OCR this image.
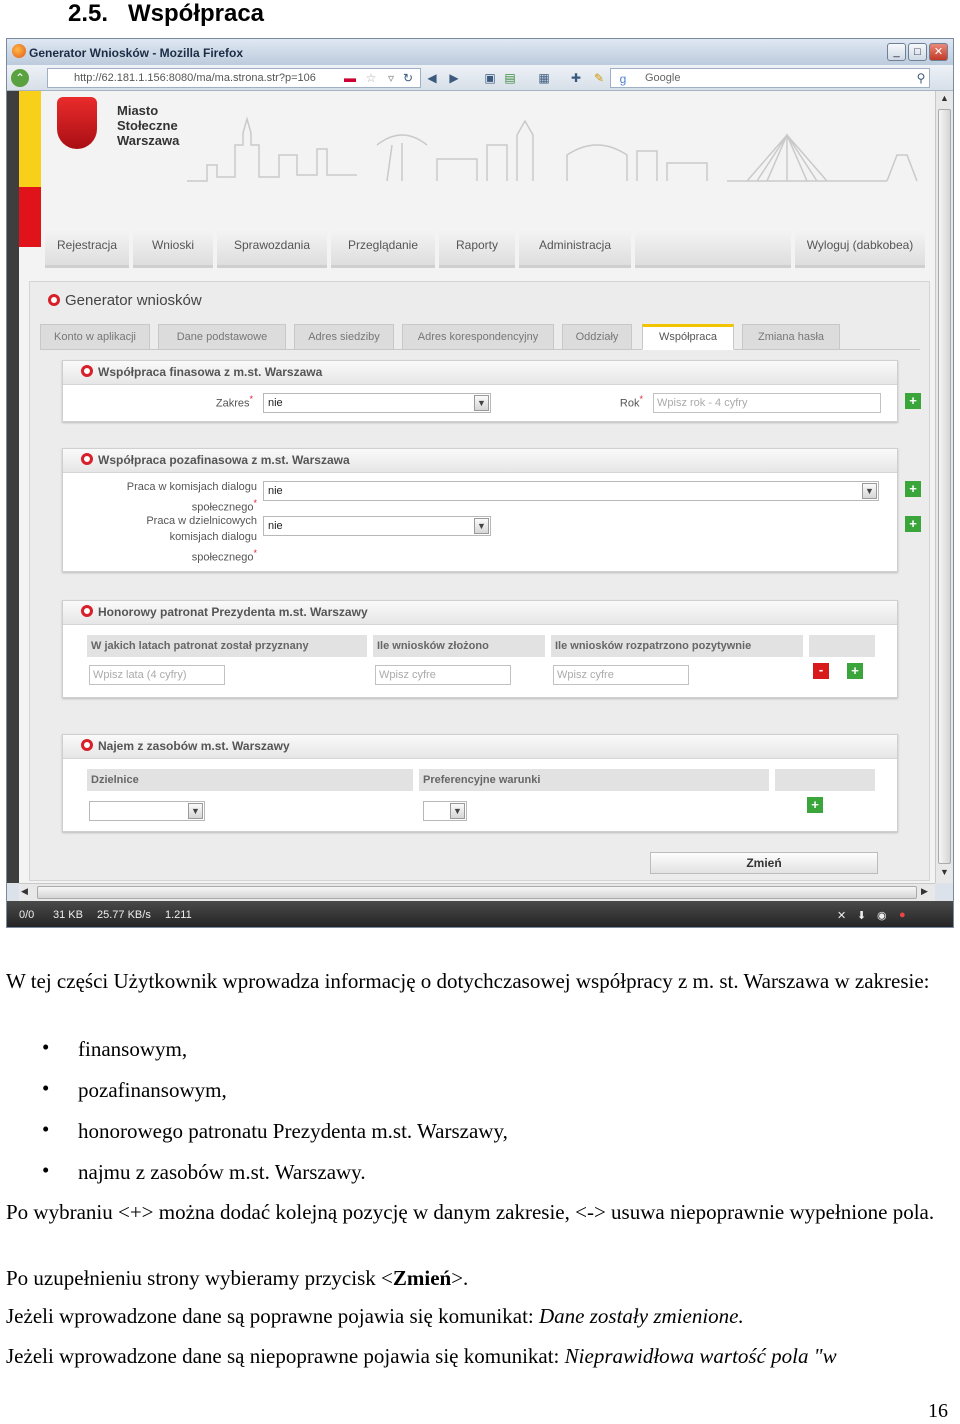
2.5. Współpraca
Generator Wniosków - Mozilla Firefox	_	□	✕
⌃	http://62.181.1.156:8080/ma/ma.strona.str?p=106	▬ ☆ ▿ ↻	◀	▶	▣ ▤ ▦	✚	✎	Google
g	⚲
Miasto
Stołeczne
Warszawa
Rejestracja	Wnioski	Sprawozdania	Przeglądanie	Raporty	Administracja	Wyloguj (dabkobea)
Generator wniosków
Konto w aplikacji	Dane podstawowe	Adres siedziby	Adres korespondencyjny	Oddziały	Współpraca	Zmiana hasła
Współpraca finasowa z m.st. Warszawa
Zakres*	nie	▼	Rok*	Wpisz rok - 4 cyfry	+
Współpraca pozafinasowa z m.st. Warszawa
Praca w komisjach dialogu
społecznego*
nie	▼	+
Praca w dzielnicowych
komisjach dialogu
społecznego*
nie	▼	+
Honorowy patronat Prezydenta m.st. Warszawy
W jakich latach patronat został przyznany	Ile wniosków złożono	Ile wniosków rozpatrzono pozytywnie
Wpisz lata (4 cyfry)	Wpisz cyfre	Wpisz cyfre	-	+
Najem z zasobów m.st. Warszawy
Dzielnice	Preferencyjne warunki
▼	▼	+
Zmień
▲
▼
◀	▶
0/0 31 KB 25.77 KB/s 1.211	✕ ⬇ ◉ ●
W tej części Użytkownik wprowadza informację o dotychczasowej współpracy z m. st. Warszawa w zakresie:
• finansowym,
• pozafinansowym,
• honorowego patronatu Prezydenta m.st. Warszawy,
• najmu z zasobów m.st. Warszawy.
Po wybraniu <+> można dodać kolejną pozycję w danym zakresie, <-> usuwa niepoprawnie wypełnione pola.
Po uzupełnieniu strony wybieramy przycisk <Zmień>.
Jeżeli wprowadzone dane są poprawne pojawia się komunikat: Dane zostały zmienione.
Jeżeli wprowadzone dane są niepoprawne pojawia się komunikat: Nieprawidłowa wartość pola "w
16
